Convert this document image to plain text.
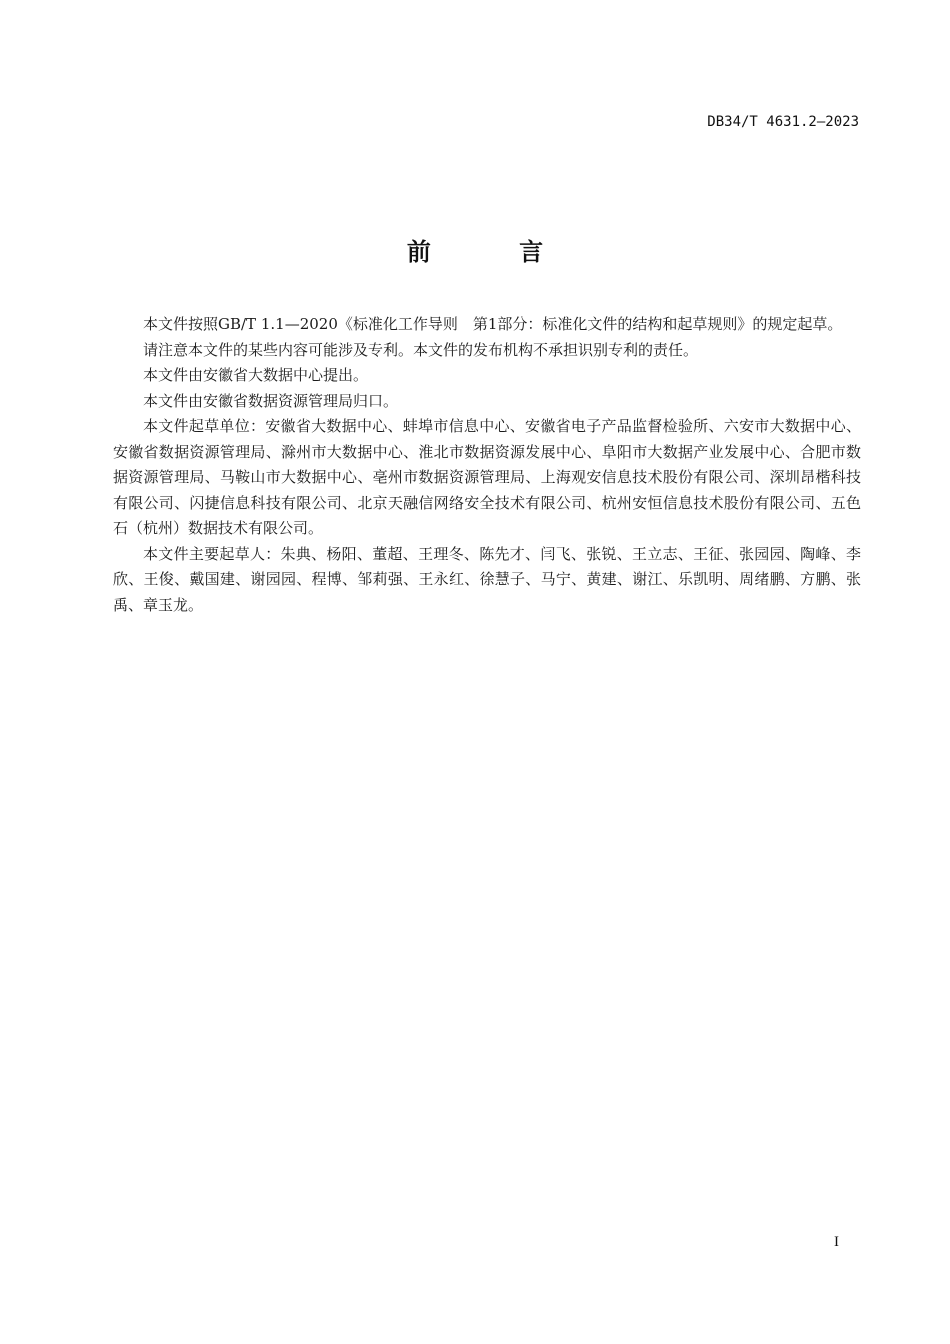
DB34/T 4631.2—2023
前 言

本文件按照GB/T 1.1—2020《标准化工作导则　第1部分：标准化文件的结构和起草规则》的规定起草。

请注意本文件的某些内容可能涉及专利。本文件的发布机构不承担识别专利的责任。

本文件由安徽省大数据中心提出。

本文件由安徽省数据资源管理局归口。

本文件起草单位：安徽省大数据中心、蚌埠市信息中心、安徽省电子产品监督检验所、六安市大数据中心、安徽省数据资源管理局、滁州市大数据中心、淮北市数据资源发展中心、阜阳市大数据产业发展中心、合肥市数据资源管理局、马鞍山市大数据中心、亳州市数据资源管理局、上海观安信息技术股份有限公司、深圳昂楷科技有限公司、闪捷信息科技有限公司、北京天融信网络安全技术有限公司、杭州安恒信息技术股份有限公司、五色石（杭州）数据技术有限公司。

本文件主要起草人：朱典、杨阳、董超、王理冬、陈先才、闫飞、张锐、王立志、王征、张园园、陶峰、李欣、王俊、戴国建、谢园园、程博、邹莉强、王永红、徐慧子、马宁、黄建、谢江、乐凯明、周绪鹏、方鹏、张禹、章玉龙。

I
